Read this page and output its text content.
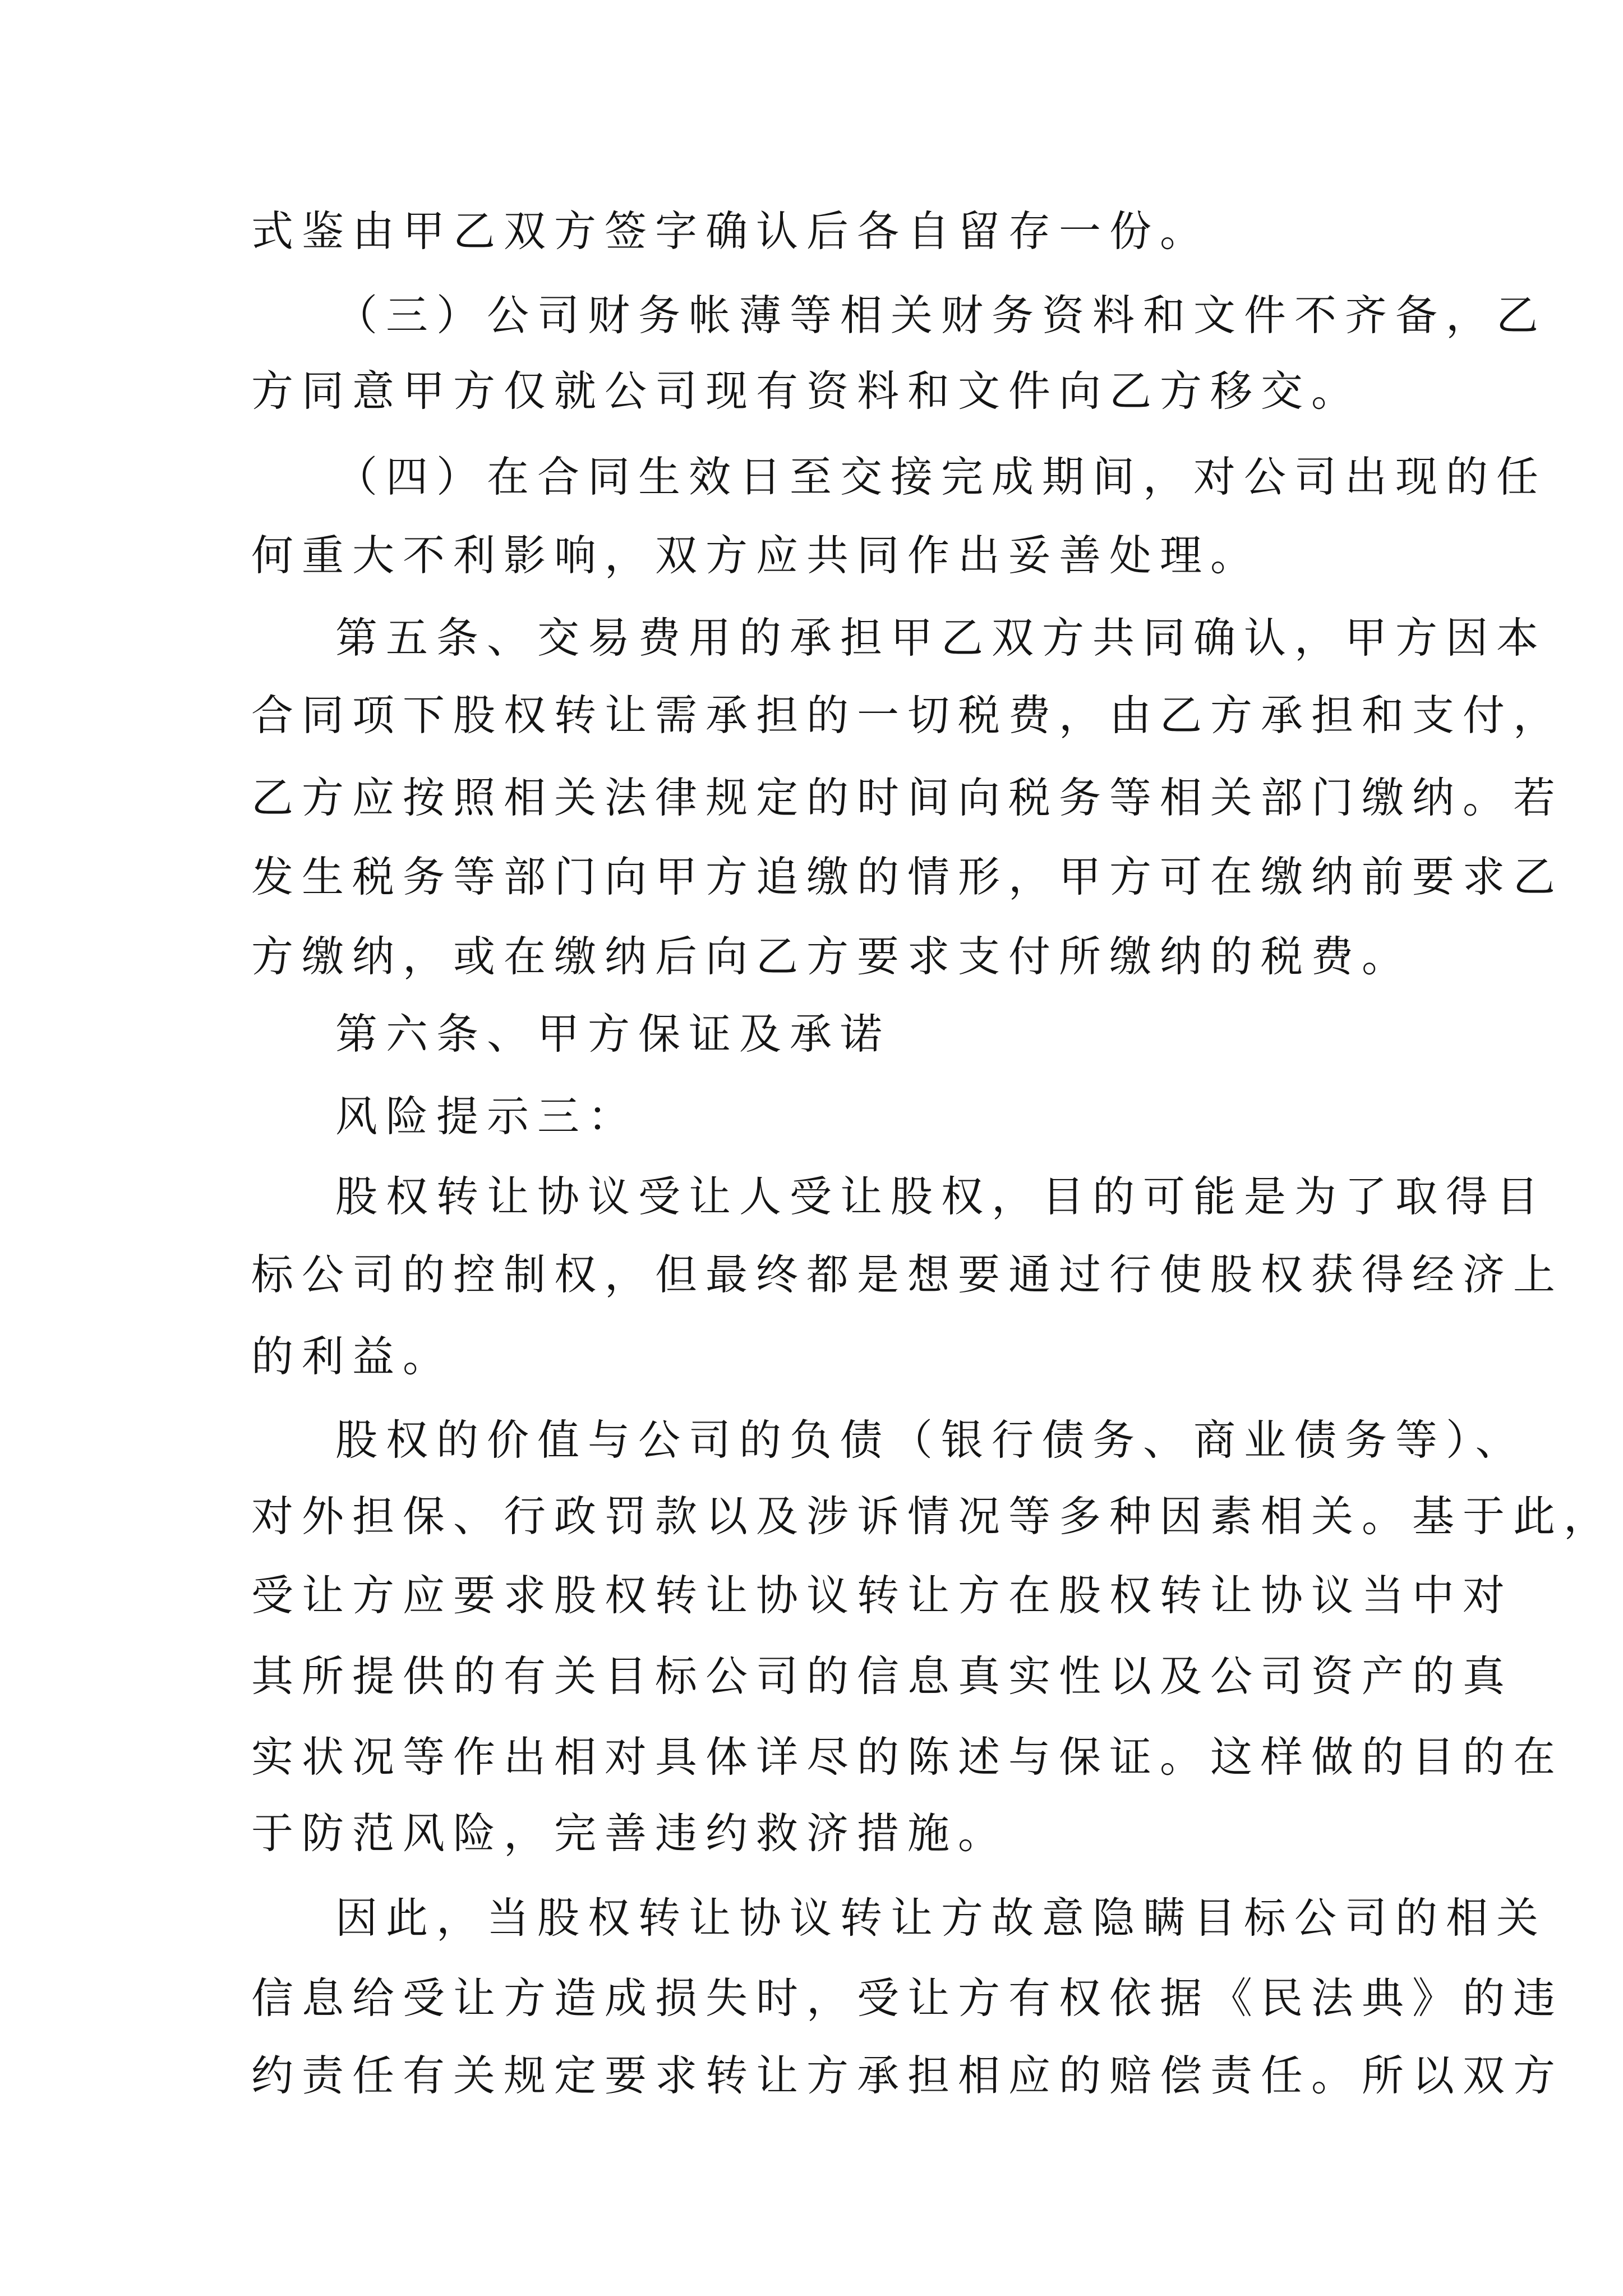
式鉴由甲乙双方签字确认后各自留存一份。

（三）公司财务帐薄等相关财务资料和文件不齐备，乙

方同意甲方仅就公司现有资料和文件向乙方移交。

（四）在合同生效日至交接完成期间，对公司出现的任

何重大不利影响，双方应共同作出妥善处理。

第五条、交易费用的承担甲乙双方共同确认，甲方因本

合同项下股权转让需承担的一切税费，由乙方承担和支付，

乙方应按照相关法律规定的时间向税务等相关部门缴纳。若

发生税务等部门向甲方追缴的情形，甲方可在缴纳前要求乙

方缴纳，或在缴纳后向乙方要求支付所缴纳的税费。

第六条、甲方保证及承诺

风险提示三：

股权转让协议受让人受让股权，目的可能是为了取得目

标公司的控制权，但最终都是想要通过行使股权获得经济上

的利益。

股权的价值与公司的负债（银行债务、商业债务等）、

对外担保、行政罚款以及涉诉情况等多种因素相关。基于此，

受让方应要求股权转让协议转让方在股权转让协议当中对

其所提供的有关目标公司的信息真实性以及公司资产的真

实状况等作出相对具体详尽的陈述与保证。这样做的目的在

于防范风险，完善违约救济措施。

因此，当股权转让协议转让方故意隐瞒目标公司的相关

信息给受让方造成损失时，受让方有权依据《民法典》的违

约责任有关规定要求转让方承担相应的赔偿责任。所以双方
